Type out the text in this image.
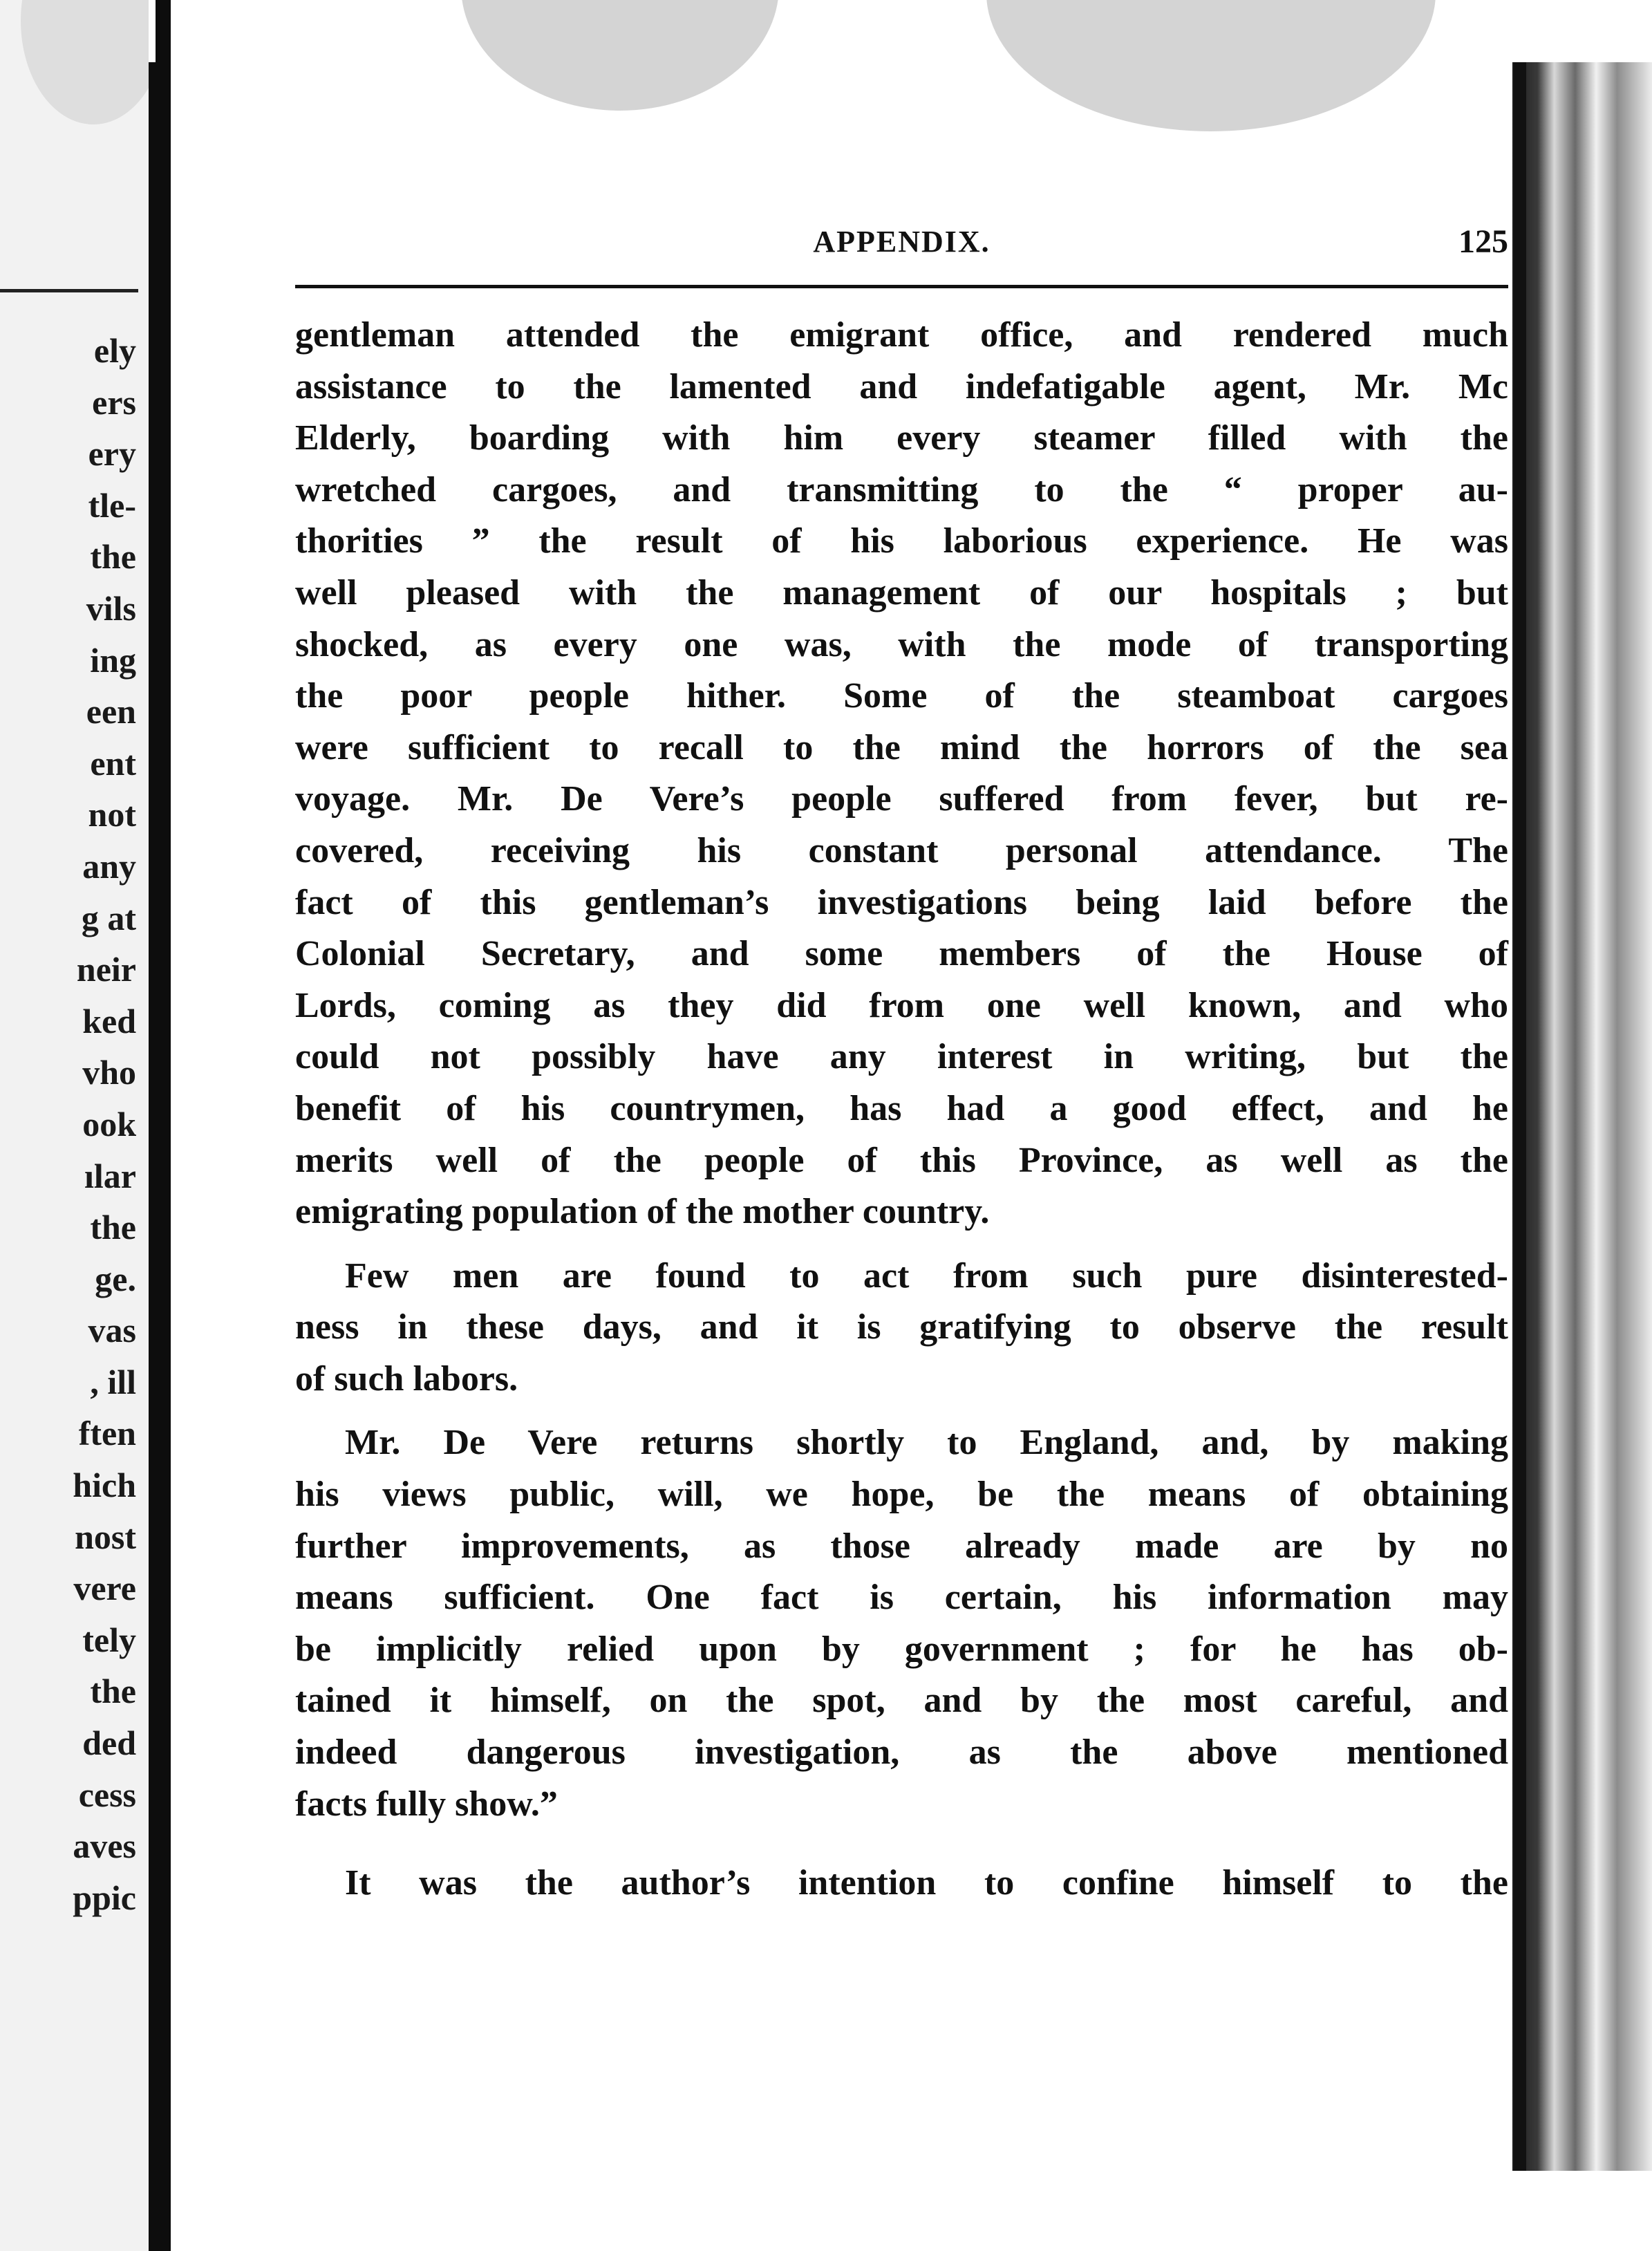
ely
ers
ery
tle-
the
vils
ing
een
ent
not
any
g at
neir
ked
vho
ook
ılar
the
ge.
vas
, ill
ften
hich
nost
vere
tely
the
ded
cess
aves
ppic
APPENDIX.	125
gentleman attended the emigrant office, and rendered much
assistance to the lamented and indefatigable agent, Mr. Mc
Elderly, boarding with him every steamer filled with the
wretched cargoes, and transmitting to the “ proper au-
thorities ” the result of his laborious experience. He was
well pleased with the management of our hospitals ; but
shocked, as every one was, with the mode of transporting
the poor people hither. Some of the steamboat cargoes
were sufficient to recall to the mind the horrors of the sea
voyage. Mr. De Vere’s people suffered from fever, but re-
covered, receiving his constant personal attendance. The
fact of this gentleman’s investigations being laid before the
Colonial Secretary, and some members of the House of
Lords, coming as they did from one well known, and who
could not possibly have any interest in writing, but the
benefit of his countrymen, has had a good effect, and he
merits well of the people of this Province, as well as the
emigrating population of the mother country.
Few men are found to act from such pure disinterested-
ness in these days, and it is gratifying to observe the result
of such labors.
Mr. De Vere returns shortly to England, and, by making
his views public, will, we hope, be the means of obtaining
further improvements, as those already made are by no
means sufficient. One fact is certain, his information may
be implicitly relied upon by government ; for he has ob-
tained it himself, on the spot, and by the most careful, and
indeed dangerous investigation, as the above mentioned
facts fully show.”
It was the author’s intention to confine himself to the
